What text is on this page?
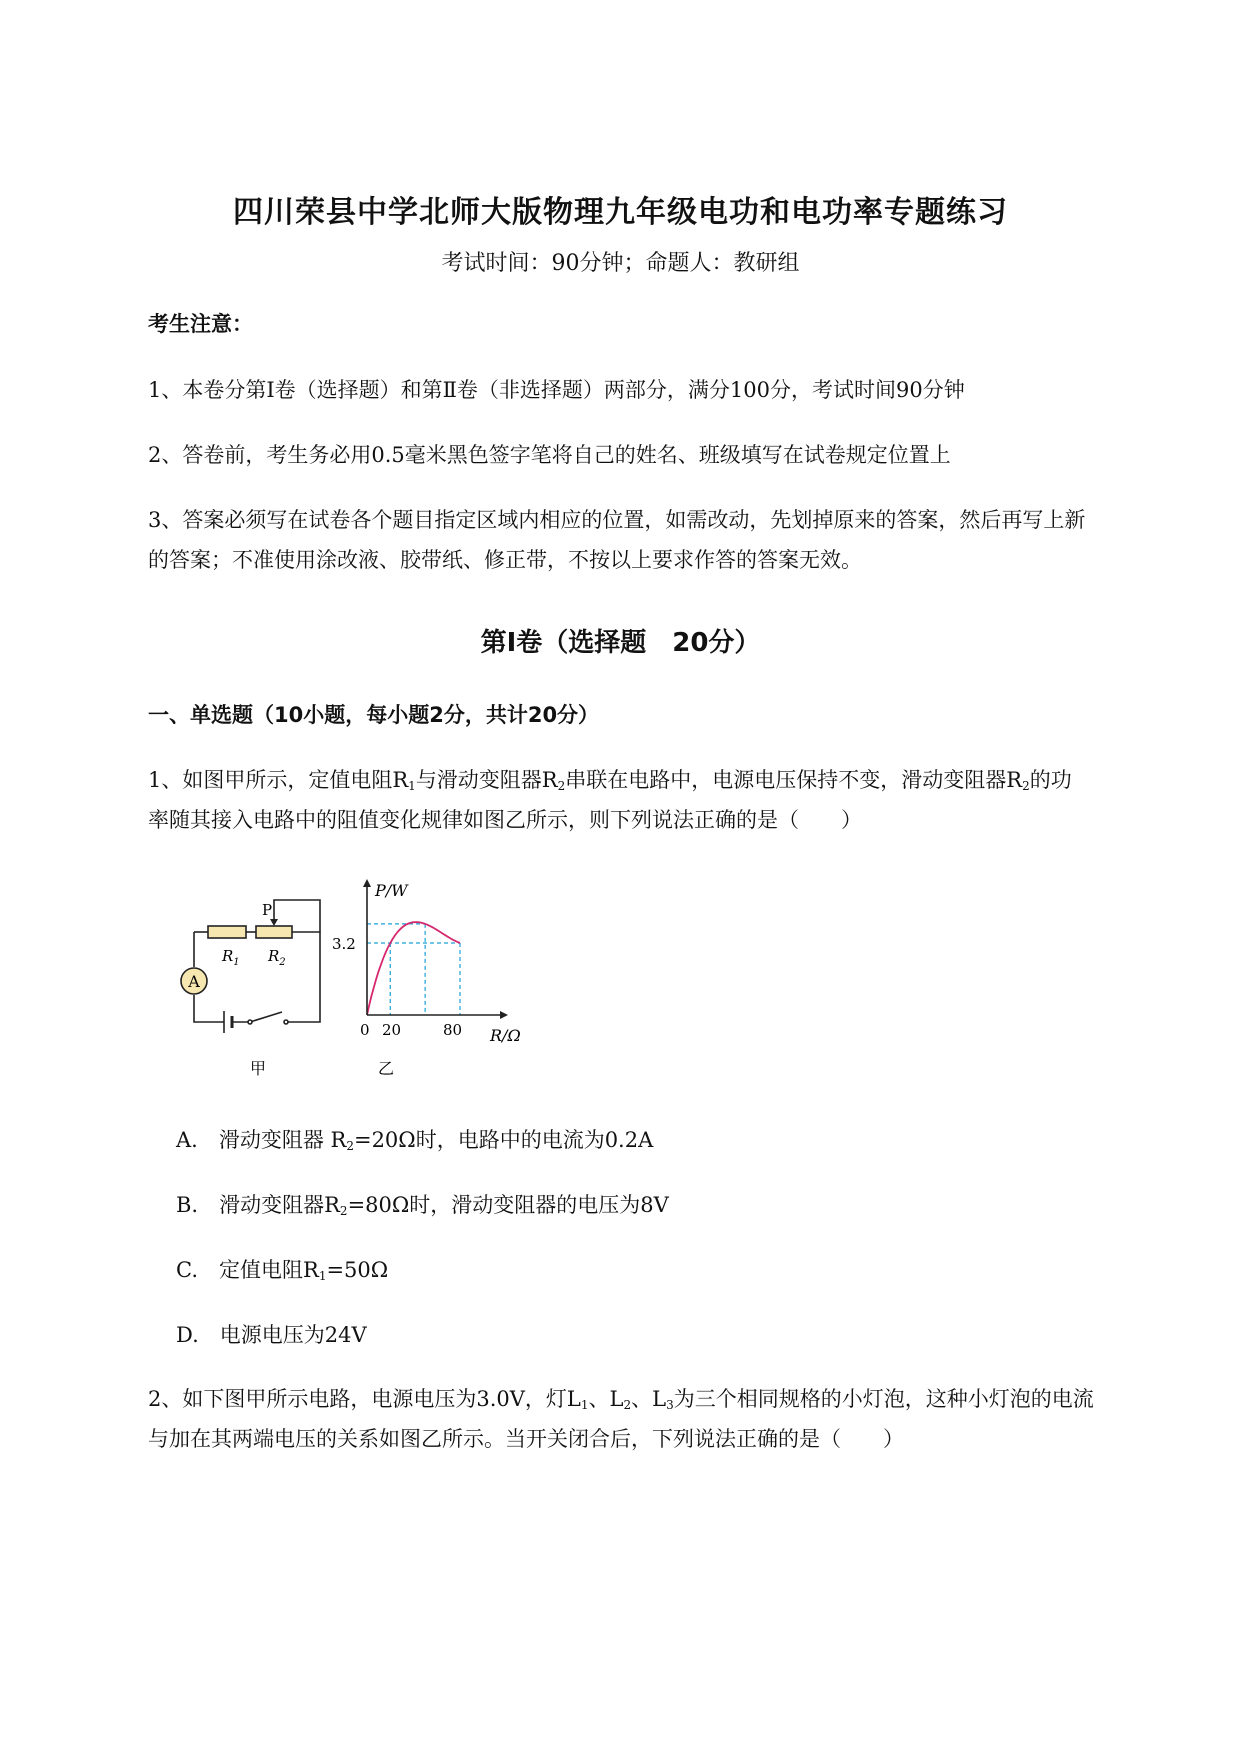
四川荣县中学北师大版物理九年级电功和电功率专题练习
考试时间：90分钟；命题人：教研组
考生注意：
1、本卷分第Ⅰ卷（选择题）和第Ⅱ卷（非选择题）两部分，满分100分，考试时间90分钟
2、答卷前，考生务必用0.5毫米黑色签字笔将自己的姓名、班级填写在试卷规定位置上
3、答案必须写在试卷各个题目指定区域内相应的位置，如需改动，先划掉原来的答案，然后再写上新
的答案；不准使用涂改液、胶带纸、修正带，不按以上要求作答的答案无效。
第Ⅰ卷（选择题　20分）
一、单选题（10小题，每小题2分，共计20分）
1、如图甲所示，定值电阻$R_1$与滑动变阻器$R_2$串联在电路中，电源电压保持不变，滑动变阻器$R_2$的功
率随其接入电路中的阻值变化规律如图乙所示，则下列说法正确的是（　　）
A
P
$R_1$ $R_2$
甲
P/W
R/Ω
3.2
0 20	80
乙
A.　滑动变阻器 $R_2=20\Omega$时，电路中的电流为0.2A
B.　滑动变阻器$R_2=80\Omega$时，滑动变阻器的电压为8V
C.　定值电阻$R_1=50\Omega$
D.　电源电压为24V
2、如下图甲所示电路，电源电压为3.0V，灯$L_1$、$L_2$、$L_3$为三个相同规格的小灯泡，这种小灯泡的电流
与加在其两端电压的关系如图乙所示。当开关闭合后，下列说法正确的是（　　）
